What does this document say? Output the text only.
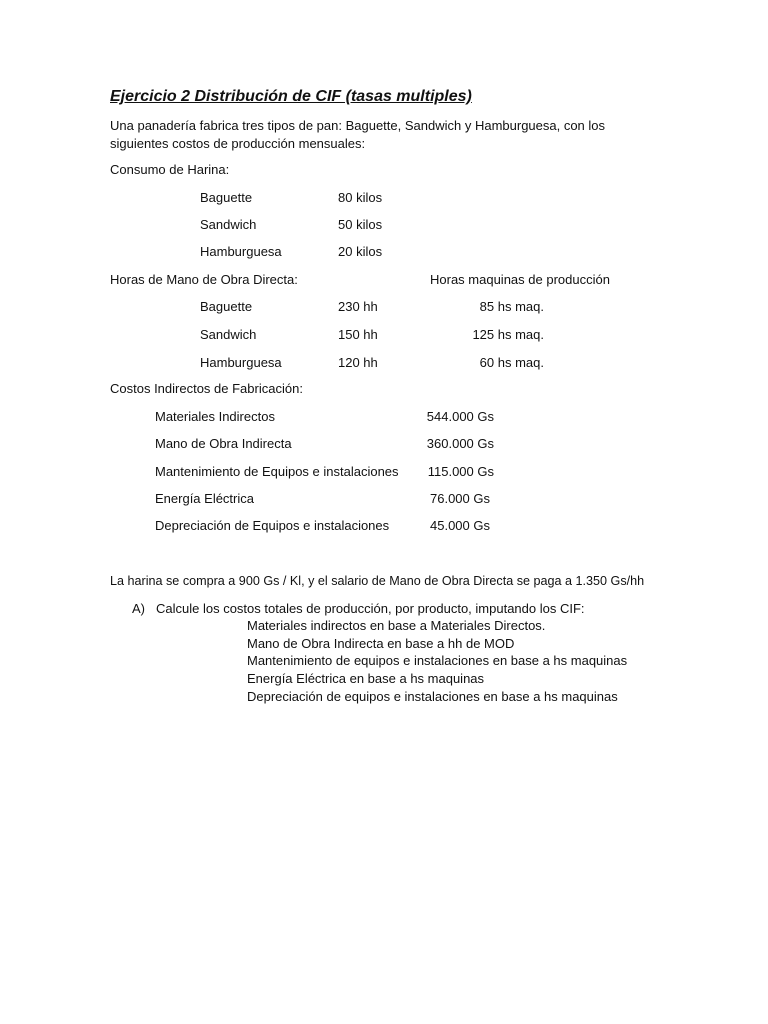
Ejercicio 2 Distribución de CIF (tasas multiples)
Una panadería fabrica tres tipos de pan: Baguette, Sandwich y Hamburguesa, con los
siguientes costos de producción mensuales:
Consumo de Harina:
Baguette	80 kilos
Sandwich	50 kilos
Hamburguesa	20 kilos
Horas de Mano de Obra Directa:	Horas maquinas de producción
Baguette	230 hh	85 hs maq.
Sandwich	150 hh	125 hs maq.
Hamburguesa	120 hh	60 hs maq.
Costos Indirectos de Fabricación:
Materiales Indirectos	544.000 Gs
Mano de Obra Indirecta	360.000 Gs
Mantenimiento de Equipos e instalaciones	115.000 Gs
Energía Eléctrica	76.000 Gs
Depreciación de Equipos e instalaciones	45.000 Gs
La harina se compra a 900 Gs / Kl, y el salario de Mano de Obra Directa se paga a 1.350 Gs/hh
A) Calcule los costos totales de producción, por producto, imputando los CIF:
Materiales indirectos en base a Materiales Directos.
Mano de Obra Indirecta en base a hh de MOD
Mantenimiento de equipos e instalaciones en base a hs maquinas
Energía Eléctrica en base a hs maquinas
Depreciación de equipos e instalaciones en base a hs maquinas
